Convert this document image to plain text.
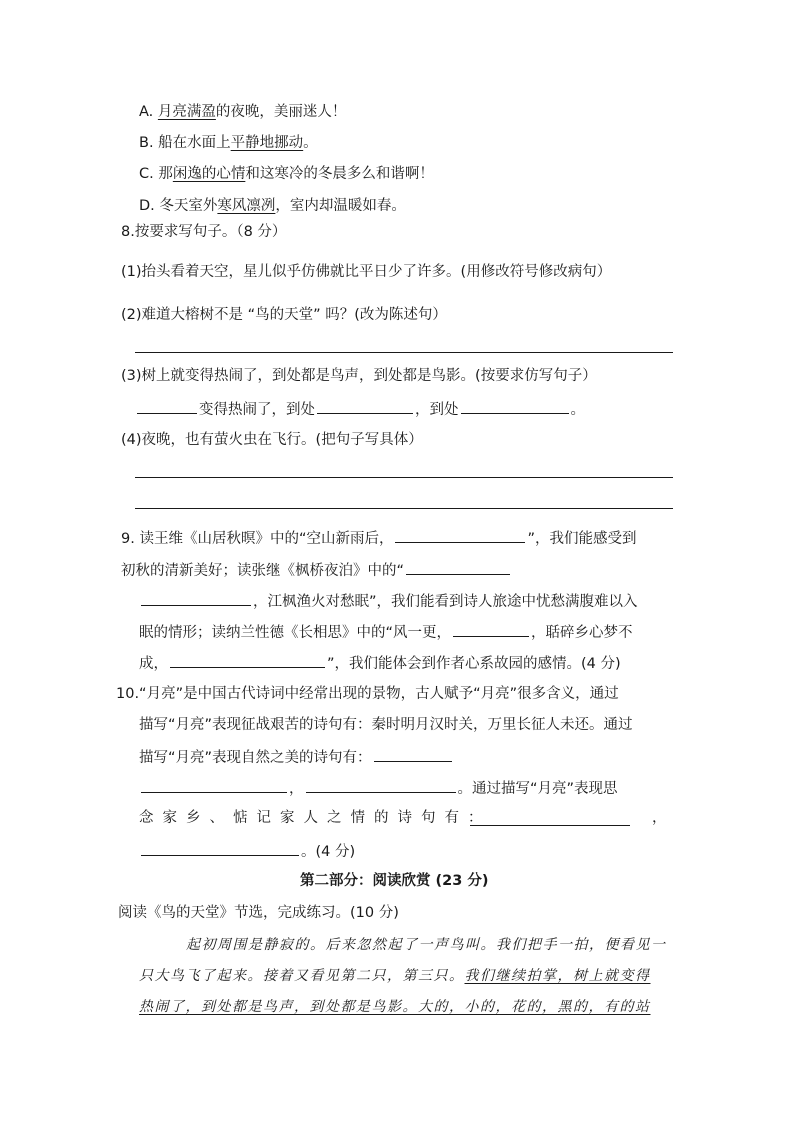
A. 月亮满盈的夜晚，美丽迷人！
B. 船在水面上平静地挪动。
C. 那闲逸的心情和这寒冷的冬晨多么和谐啊！
D. 冬天室外寒风凛冽，室内却温暖如春。
8.按要求写句子。（8 分）
(1)抬头看着天空，星儿似乎仿佛就比平日少了许多。(用修改符号修改病句）
(2)难道大榕树不是 “鸟的天堂” 吗？(改为陈述句）
(3)树上就变得热闹了，到处都是鸟声，到处都是鸟影。(按要求仿写句子）
变得热闹了，到处	，到处	。
(4)夜晚，也有萤火虫在飞行。(把句子写具体）
9. 读王维《山居秋暝》中的“空山新雨后，	”，我们能感受到
初秋的清新美好；读张继《枫桥夜泊》中的“
，江枫渔火对愁眠”，我们能看到诗人旅途中忧愁满腹难以入
眠的情形；读纳兰性德《长相思》中的“风一更，	，聒碎乡心梦不
成，	”，我们能体会到作者心系故园的感情。(4 分)
10.“月亮”是中国古代诗词中经常出现的景物，古人赋予“月亮”很多含义，通过
描写“月亮”表现征战艰苦的诗句有：秦时明月汉时关，万里长征人未还。通过
描写“月亮”表现自然之美的诗句有：
，	。通过描写“月亮”表现思
念家乡、惦记家人之情的诗句有：	，
。(4 分)
第二部分：阅读欣赏 (23 分)
阅读《鸟的天堂》节选，完成练习。(10 分)
起初周围是静寂的。后来忽然起了一声鸟叫。我们把手一拍，便看见一
只大鸟飞了起来。接着又看见第二只，第三只。我们继续拍掌，树上就变得
热闹了，到处都是鸟声，到处都是鸟影。大的，小的，花的，黑的，有的站
